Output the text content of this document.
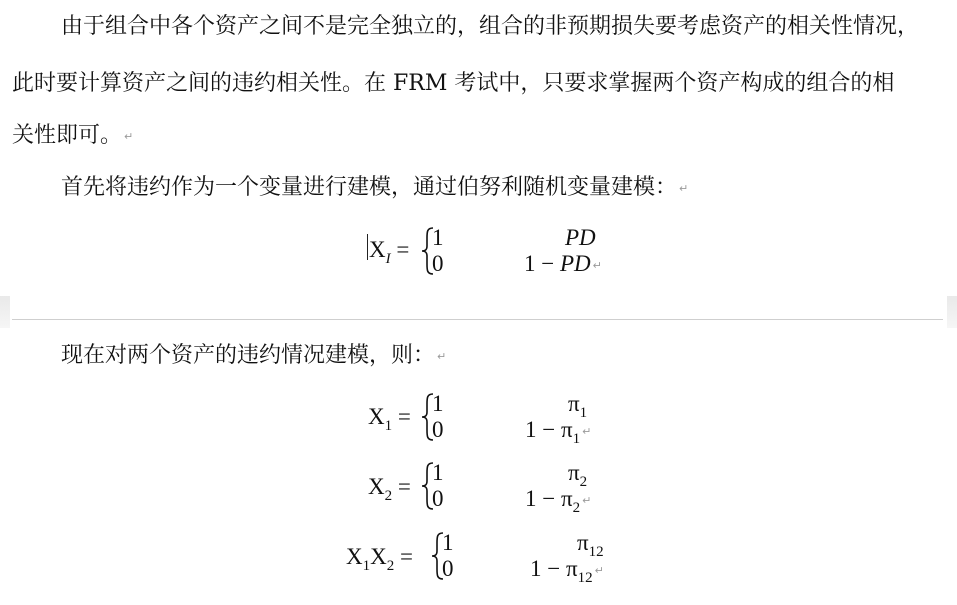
由于组合中各个资产之间不是完全独立的，组合的非预期损失要考虑资产的相关性情况，
此时要计算资产之间的违约相关性。在 FRM 考试中，只要求掌握两个资产构成的组合的相
关性即可。 ↵
首先将违约作为一个变量进行建模，通过伯努利随机变量建模： ↵
$X_I = 1$
0
PD
1 − PD ↵
现在对两个资产的违约情况建模，则： ↵
$X_1$ =
1
0
$\pi_1$
$1 - \pi_1$ ↵
$X_2$ =
1
0
$\pi_2$
$1 - \pi_2$ ↵
$X_1X_2$ =
1
0
$\pi_{12}$
$1 - \pi_{12}$ ↵
